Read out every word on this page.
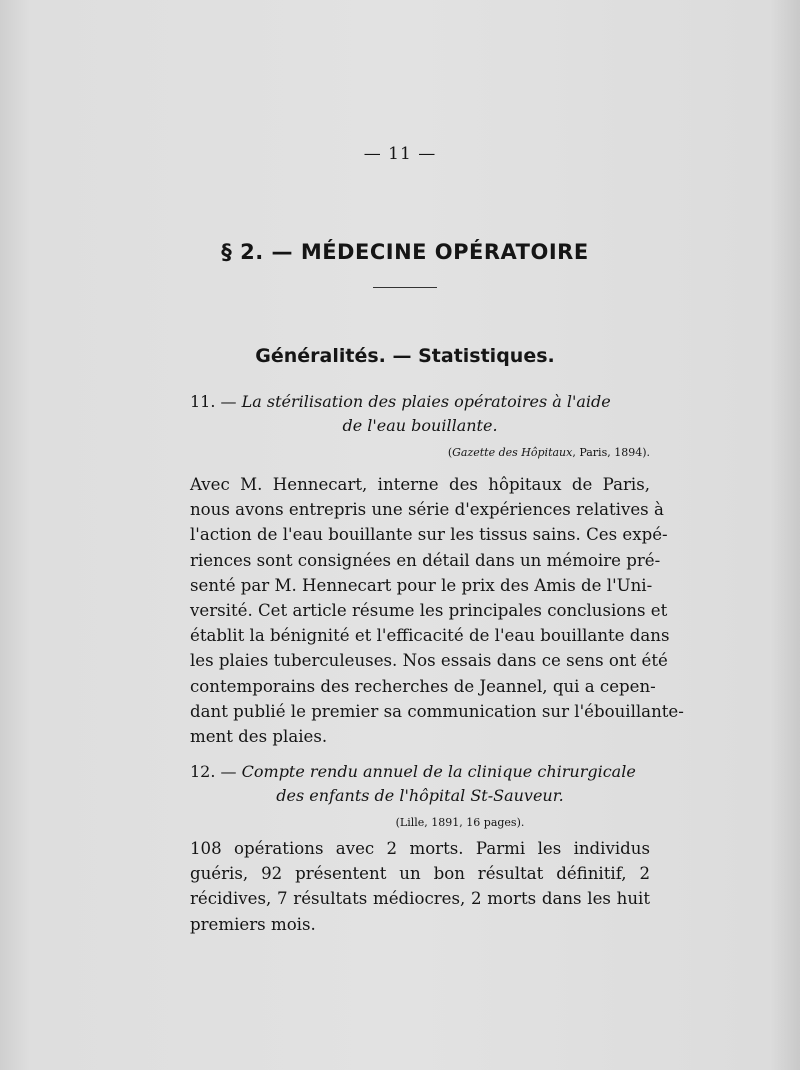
— 11 —
§ 2. — MÉDECINE OPÉRATOIRE
Généralités. — Statistiques.
11. — La stérilisation des plaies opératoires à l'aide
de l'eau bouillante.
(Gazette des Hôpitaux, Paris, 1894).
Avec M. Hennecart, interne des hôpitaux de Paris,
nous avons entrepris une série d'expériences relatives à
l'action de l'eau bouillante sur les tissus sains. Ces expé-
riences sont consignées en détail dans un mémoire pré-
senté par M. Hennecart pour le prix des Amis de l'Uni-
versité. Cet article résume les principales conclusions et
établit la bénignité et l'efficacité de l'eau bouillante dans
les plaies tuberculeuses. Nos essais dans ce sens ont été
contemporains des recherches de Jeannel, qui a cepen-
dant publié le premier sa communication sur l'ébouillante-
ment des plaies.
12. — Compte rendu annuel de la clinique chirurgicale
des enfants de l'hôpital St-Sauveur.
(Lille, 1891, 16 pages).
108 opérations avec 2 morts. Parmi les individus
guéris, 92 présentent un bon résultat définitif, 2
récidives, 7 résultats médiocres, 2 morts dans les huit
premiers mois.
